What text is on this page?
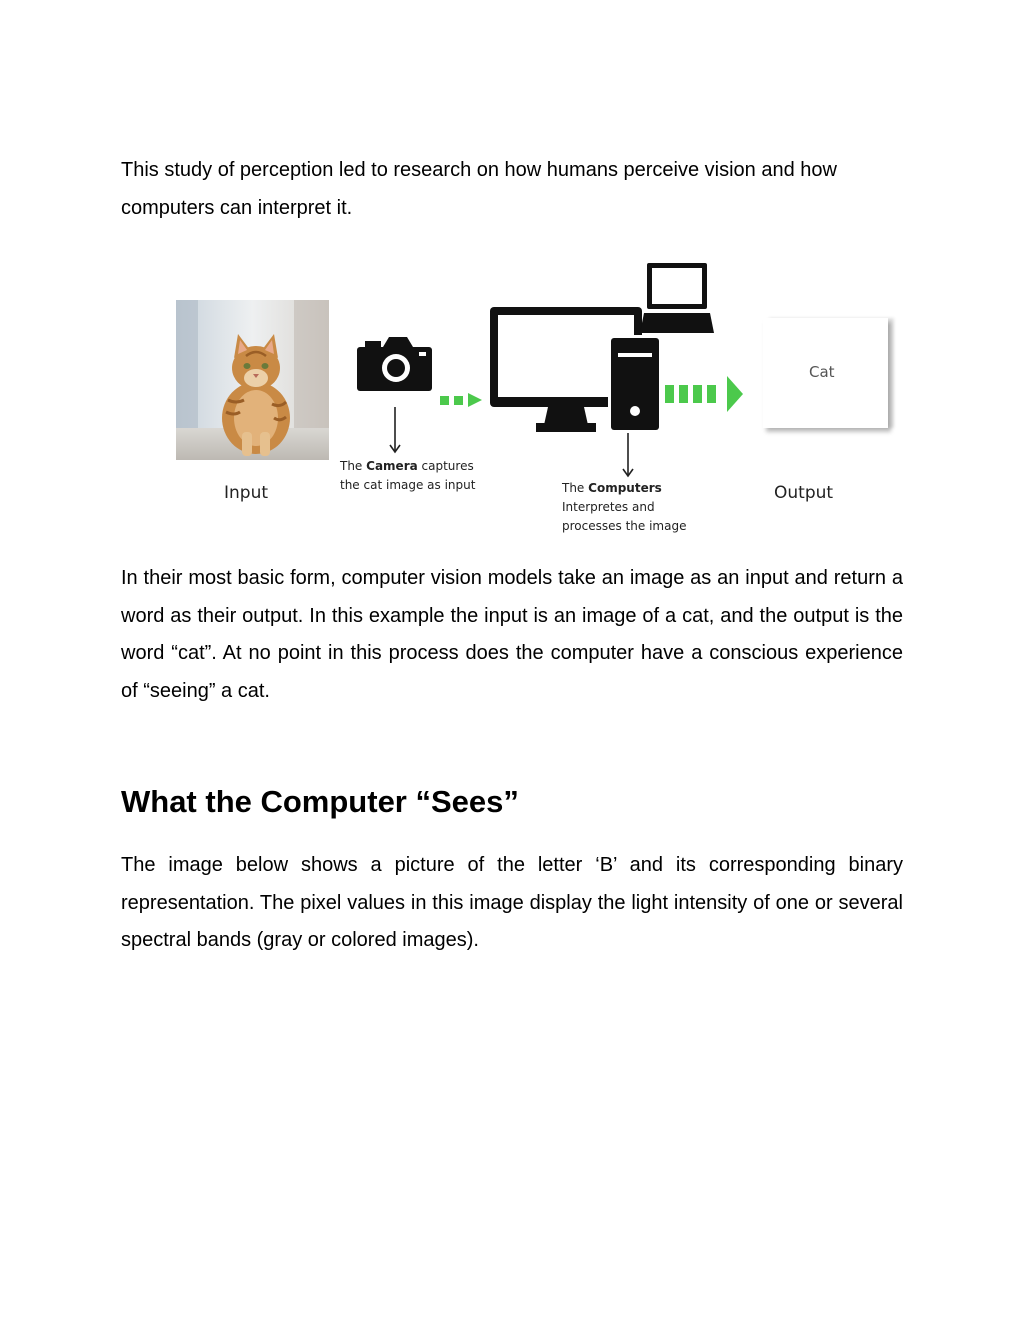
This study of perception led to research on how humans perceive vision and how computers can interpret it.

Input
The Camera captures
the cat image as input	The Computers
Interpretes and
processes the image
Cat
Output

In their most basic form, computer vision models take an image as an input and return a word as their output. In this example the input is an image of a cat, and the output is the word “cat”. At no point in this process does the computer have a conscious experience of “seeing” a cat.

What the Computer “Sees”

The image below shows a picture of the letter ‘B’ and its corresponding binary representation. The pixel values in this image display the light intensity of one or several spectral bands (gray or colored images).
